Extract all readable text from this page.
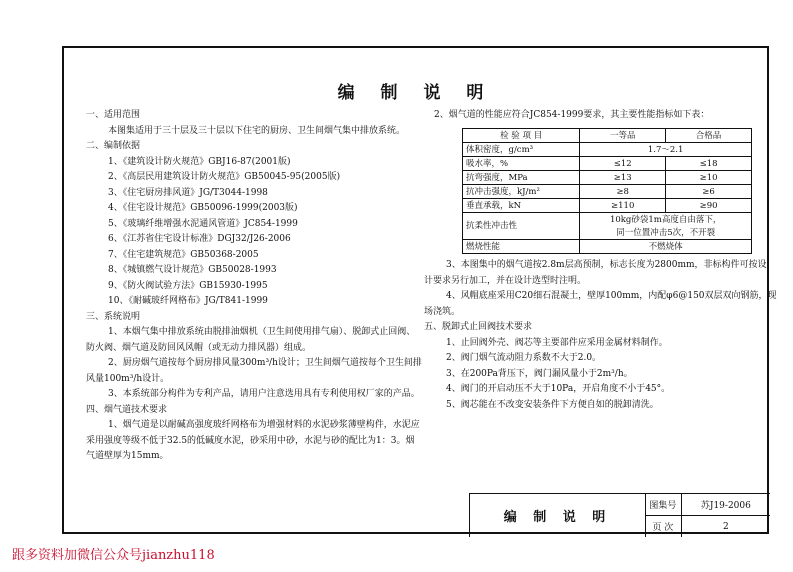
编 制 说 明
一、适用范围
本图集适用于三十层及三十层以下住宅的厨房、卫生间烟气集中排放系统。
二、编制依据
1、《建筑设计防火规范》GBJ16-87(2001版)
2、《高层民用建筑设计防火规范》GB50045-95(2005版)
3、《住宅厨房排风道》JG/T3044-1998
4、《住宅设计规范》GB50096-1999(2003版)
5、《玻璃纤维增强水泥通风管道》JC854-1999
6、《江苏省住宅设计标准》DGJ32/J26-2006
7、《住宅建筑规范》GB50368-2005
8、《城镇燃气设计规范》GB50028-1993
9、《防火阀试验方法》GB15930-1995
10、《耐碱玻纤网格布》JG/T841-1999
三、系统说明
1、本烟气集中排放系统由脱排油烟机（卫生间使用排气扇）、脱卸式止回阀、
防火阀、烟气道及防回风风帽（或无动力排风器）组成。
2、厨房烟气道按每个厨房排风量300m³/h设计；卫生间烟气道按每个卫生间排
风量100m³/h设计。
3、本系统部分构件为专利产品，请用户注意选用具有专利使用权厂家的产品。
四、烟气道技术要求
1、烟气道是以耐碱高强度玻纤网格布为增强材料的水泥砂浆薄壁构件，水泥应
采用强度等级不低于32.5的低碱度水泥，砂采用中砂，水泥与砂的配比为1：3。烟
气道壁厚为15mm。
2、烟气道的性能应符合JC854-1999要求，其主要性能指标如下表：
检 验 项 目	一等品	合格品
体积密度，g/cm³	1.7～2.1	
吸水率，%	≤12	≤18
抗弯强度，MPa	≥13	≥10
抗冲击强度，kJ/m²	≥8	≥6
垂直承载，kN	≥110	≥90
抗柔性冲击性	10kg砂袋1m高度自由落下，	
	同一位置冲击5次，不开裂	
燃烧性能	不燃烧体	
3、本图集中的烟气道按2.8m层高预制，标志长度为2800mm，非标构件可按设
计要求另行加工，并在设计选型时注明。
4、风帽底座采用C20细石混凝土，壁厚100mm，内配φ6@150双层双向钢筋，现
场浇筑。
五、脱卸式止回阀技术要求
1、止回阀外壳、阀芯等主要部件应采用金属材料制作。
2、阀门烟气流动阻力系数不大于2.0。
3、在200Pa背压下，阀门漏风量小于2m³/h。
4、阀门的开启动压不大于10Pa，开启角度不小于45°。
5、阀芯能在不改变安装条件下方便自如的脱卸清洗。
编 制 说 明
图集号	苏J19-2006
页 次	2
跟多资料加微信公众号jianzhu118
